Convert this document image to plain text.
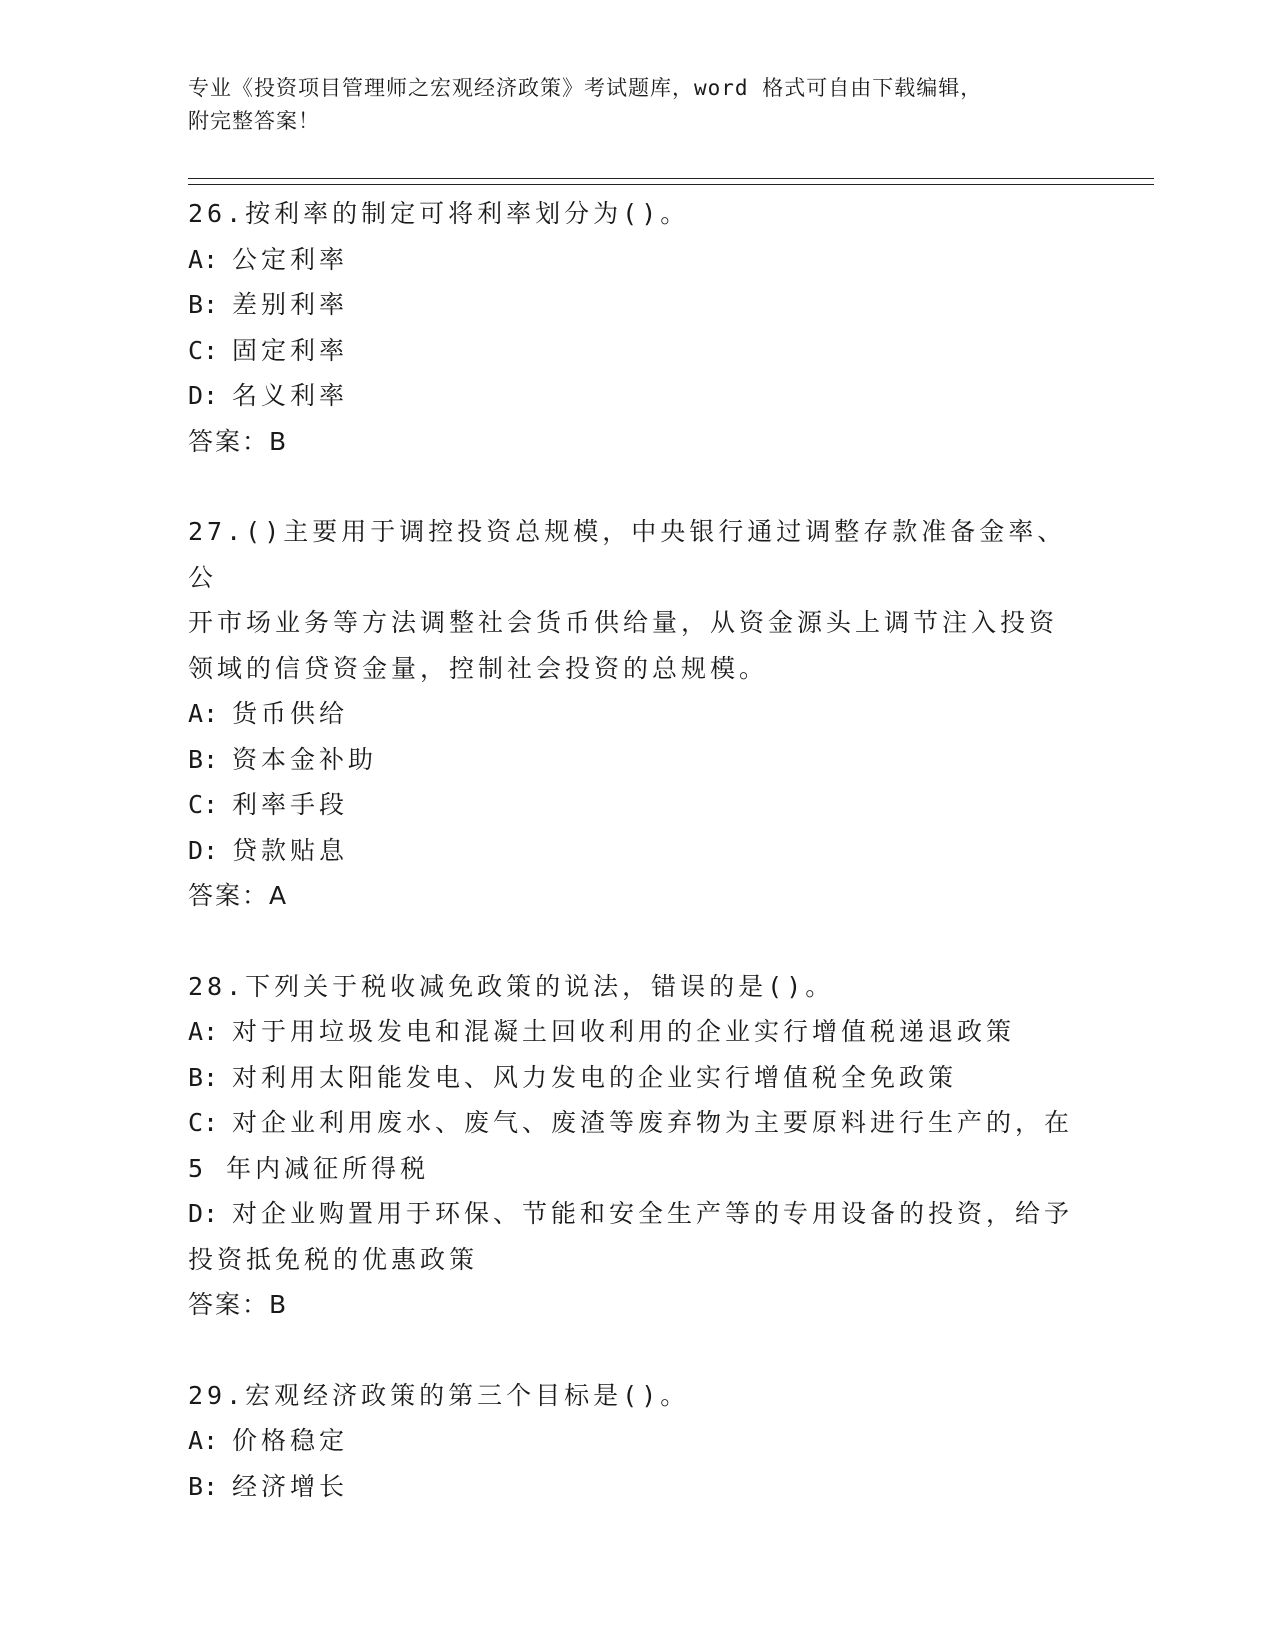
专业《投资项目管理师之宏观经济政策》考试题库，word 格式可自由下载编辑，
附完整答案！
26.按利率的制定可将利率划分为()。
A: 公定利率
B: 差别利率
C: 固定利率
D: 名义利率
答案：B
27.()主要用于调控投资总规模，中央银行通过调整存款准备金率、公
开市场业务等方法调整社会货币供给量，从资金源头上调节注入投资
领域的信贷资金量，控制社会投资的总规模。
A: 货币供给
B: 资本金补助
C: 利率手段
D: 贷款贴息
答案：A
28.下列关于税收减免政策的说法，错误的是()。
A: 对于用垃圾发电和混凝土回收利用的企业实行增值税递退政策
B: 对利用太阳能发电、风力发电的企业实行增值税全免政策
C: 对企业利用废水、废气、废渣等废弃物为主要原料进行生产的，在
5 年内减征所得税
D: 对企业购置用于环保、节能和安全生产等的专用设备的投资，给予
投资抵免税的优惠政策
答案：B
29.宏观经济政策的第三个目标是()。
A: 价格稳定
B: 经济增长
